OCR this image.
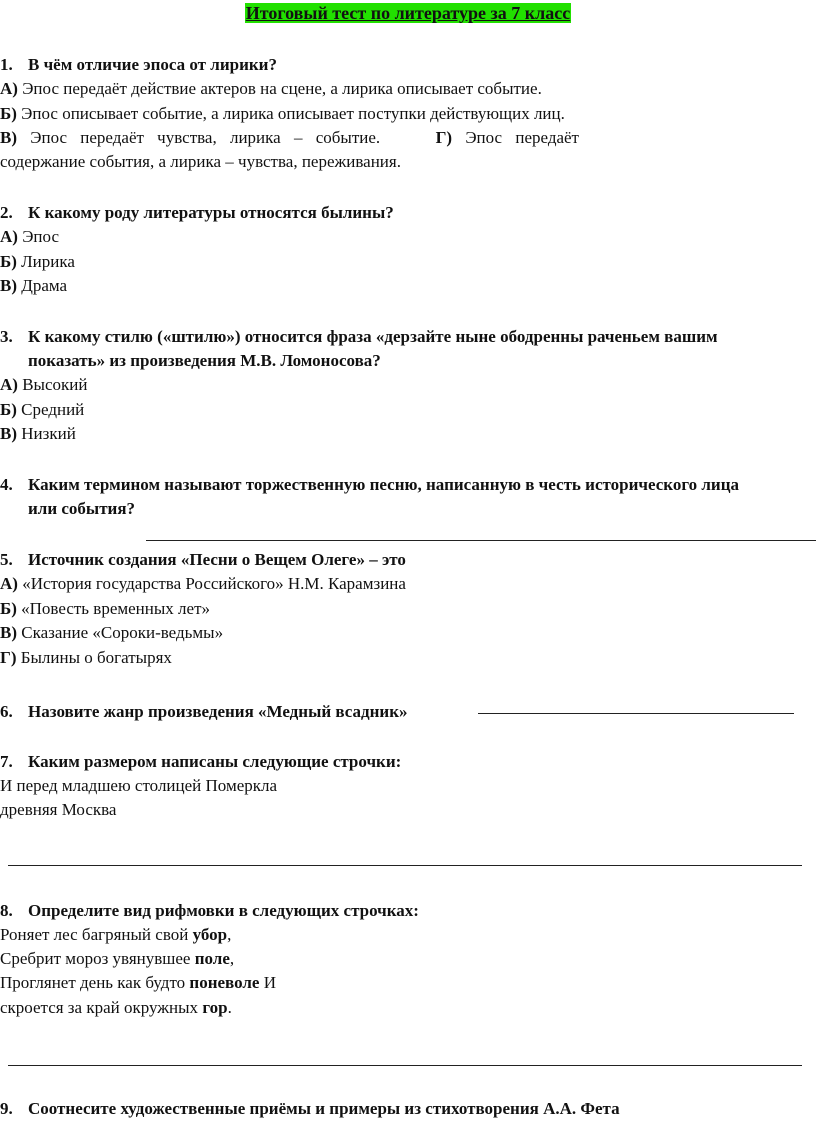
Итоговый тест по литературе за 7 класс
1. В чём отличие эпоса от лирики?
А) Эпос передаёт действие актеров на сцене, а лирика описывает событие.
Б) Эпос описывает событие, а лирика описывает поступки действующих лиц.
В) Эпос передаёт чувства, лирика – событие.	Г) Эпос передаёт
содержание события, а лирика – чувства, переживания.
2. К какому роду литературы относятся былины?
А) Эпос
Б) Лирика
В) Драма
3. К какому стилю («штилю») относится фраза «дерзайте ныне ободренны раченьем вашим
показать» из произведения М.В. Ломоносова?
А) Высокий
Б) Средний
В) Низкий
4. Каким термином называют торжественную песню, написанную в честь исторического лица
или события?
5. Источник создания «Песни о Вещем Олеге» – это
А) «История государства Российского» Н.М. Карамзина
Б) «Повесть временных лет»
В) Сказание «Сороки-ведьмы»
Г) Былины о богатырях
6. Назовите жанр произведения «Медный всадник»
7. Каким размером написаны следующие строчки:
И перед младшею столицей Померкла
древняя Москва
8. Определите вид рифмовки в следующих строчках:
Роняет лес багряный свой убор,
Сребрит мороз увянувшее поле,
Проглянет день как будто поневоле И
скроется за край окружных гор.
9. Соотнесите художественные приёмы и примеры из стихотворения А.А. Фета
